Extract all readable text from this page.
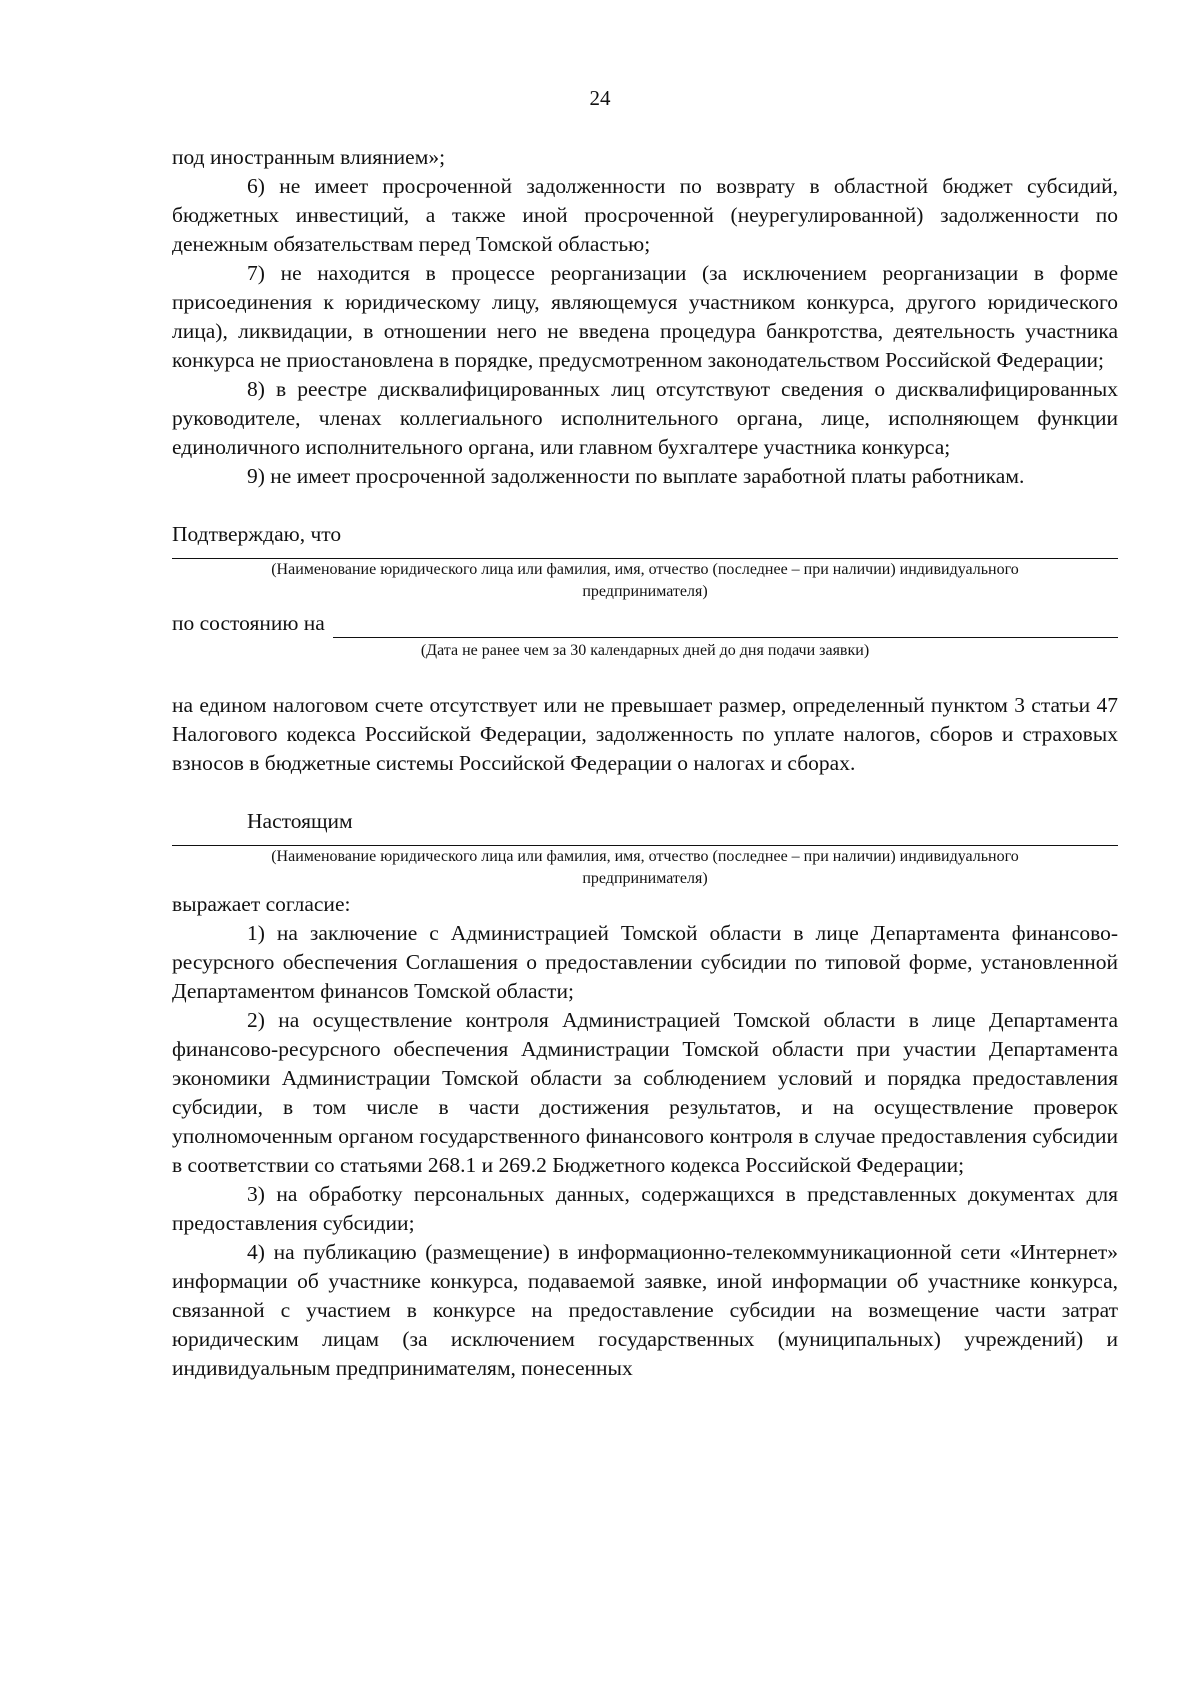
24

под иностранным влиянием»;

6) не имеет просроченной задолженности по возврату в областной бюджет субсидий, бюджетных инвестиций, а также иной просроченной (неурегулированной) задолженности по денежным обязательствам перед Томской областью;

7) не находится в процессе реорганизации (за исключением реорганизации в форме присоединения к юридическому лицу, являющемуся участником конкурса, другого юридического лица), ликвидации, в отношении него не введена процедура банкротства, деятельность участника конкурса не приостановлена в порядке, предусмотренном законодательством Российской Федерации;

8) в реестре дисквалифицированных лиц отсутствуют сведения о дисквалифицированных руководителе, членах коллегиального исполнительного органа, лице, исполняющем функции единоличного исполнительного органа, или главном бухгалтере участника конкурса;

9) не имеет просроченной задолженности по выплате заработной платы работникам.

Подтверждаю, что

(Наименование юридического лица или фамилия, имя, отчество (последнее – при наличии) индивидуального предпринимателя)

по состоянию на

(Дата не ранее чем за 30 календарных дней до дня подачи заявки)

на едином налоговом счете отсутствует или не превышает размер, определенный пунктом 3 статьи 47 Налогового кодекса Российской Федерации, задолженность по уплате налогов, сборов и страховых взносов в бюджетные системы Российской Федерации о налогах и сборах.

Настоящим

(Наименование юридического лица или фамилия, имя, отчество (последнее – при наличии) индивидуального предпринимателя)

выражает согласие:

1) на заключение с Администрацией Томской области в лице Департамента финансово-ресурсного обеспечения Соглашения о предоставлении субсидии по типовой форме, установленной Департаментом финансов Томской области;

2) на осуществление контроля Администрацией Томской области в лице Департамента финансово-ресурсного обеспечения Администрации Томской области при участии Департамента экономики Администрации Томской области за соблюдением условий и порядка предоставления субсидии, в том числе в части достижения результатов, и на осуществление проверок уполномоченным органом государственного финансового контроля в случае предоставления субсидии в соответствии со статьями 268.1 и 269.2 Бюджетного кодекса Российской Федерации;

3) на обработку персональных данных, содержащихся в представленных документах для предоставления субсидии;

4) на публикацию (размещение) в информационно-телекоммуникационной сети «Интернет» информации об участнике конкурса, подаваемой заявке, иной информации об участнике конкурса, связанной с участием в конкурсе на предоставление субсидии на возмещение части затрат юридическим лицам (за исключением государственных (муниципальных) учреждений) и индивидуальным предпринимателям, понесенных
